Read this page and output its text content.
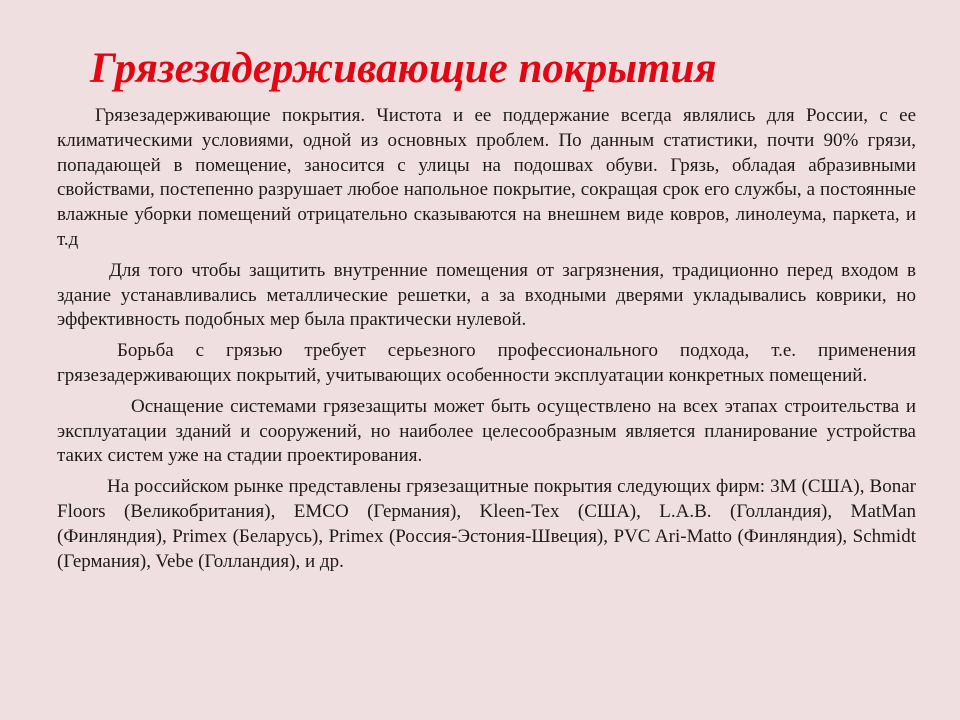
Грязезадерживающие покрытия

Грязезадерживающие покрытия. Чистота и ее поддержание всегда являлись для России, с ее климатическими условиями, одной из основных проблем. По данным статистики, почти 90% грязи, попадающей в помещение, заносится с улицы на подошвах обуви. Грязь, обладая абразивными свойствами, постепенно разрушает любое напольное покрытие, сокращая срок его службы, а постоянные влажные уборки помещений отрицательно сказываются на внешнем виде ковров, линолеума, паркета, и т.д

Для того чтобы защитить внутренние помещения от загрязнения, традиционно перед входом в здание устанавливались металлические решетки, а за входными дверями укладывались коврики, но эффективность подобных мер была практически нулевой.

Борьба с грязью требует серьезного профессионального подхода, т.е. применения грязезадерживающих покрытий, учитывающих особенности эксплуатации конкретных помещений.

Оснащение системами грязезащиты может быть осуществлено на всех этапах строительства и эксплуатации зданий и сооружений, но наиболее целесообразным является планирование устройства таких систем уже на стадии проектирования.

На российском рынке представлены грязезащитные покрытия следующих фирм: 3M (США), Bonar Floors (Великобритания), EMCO (Германия), Kleen-Tex (США), L.A.B. (Голландия), MatMan (Финляндия), Primex (Беларусь), Primex (Россия-Эстония-Швеция), PVC Ari-Matto (Финляндия), Schmidt (Германия), Vebe (Голландия), и др.
